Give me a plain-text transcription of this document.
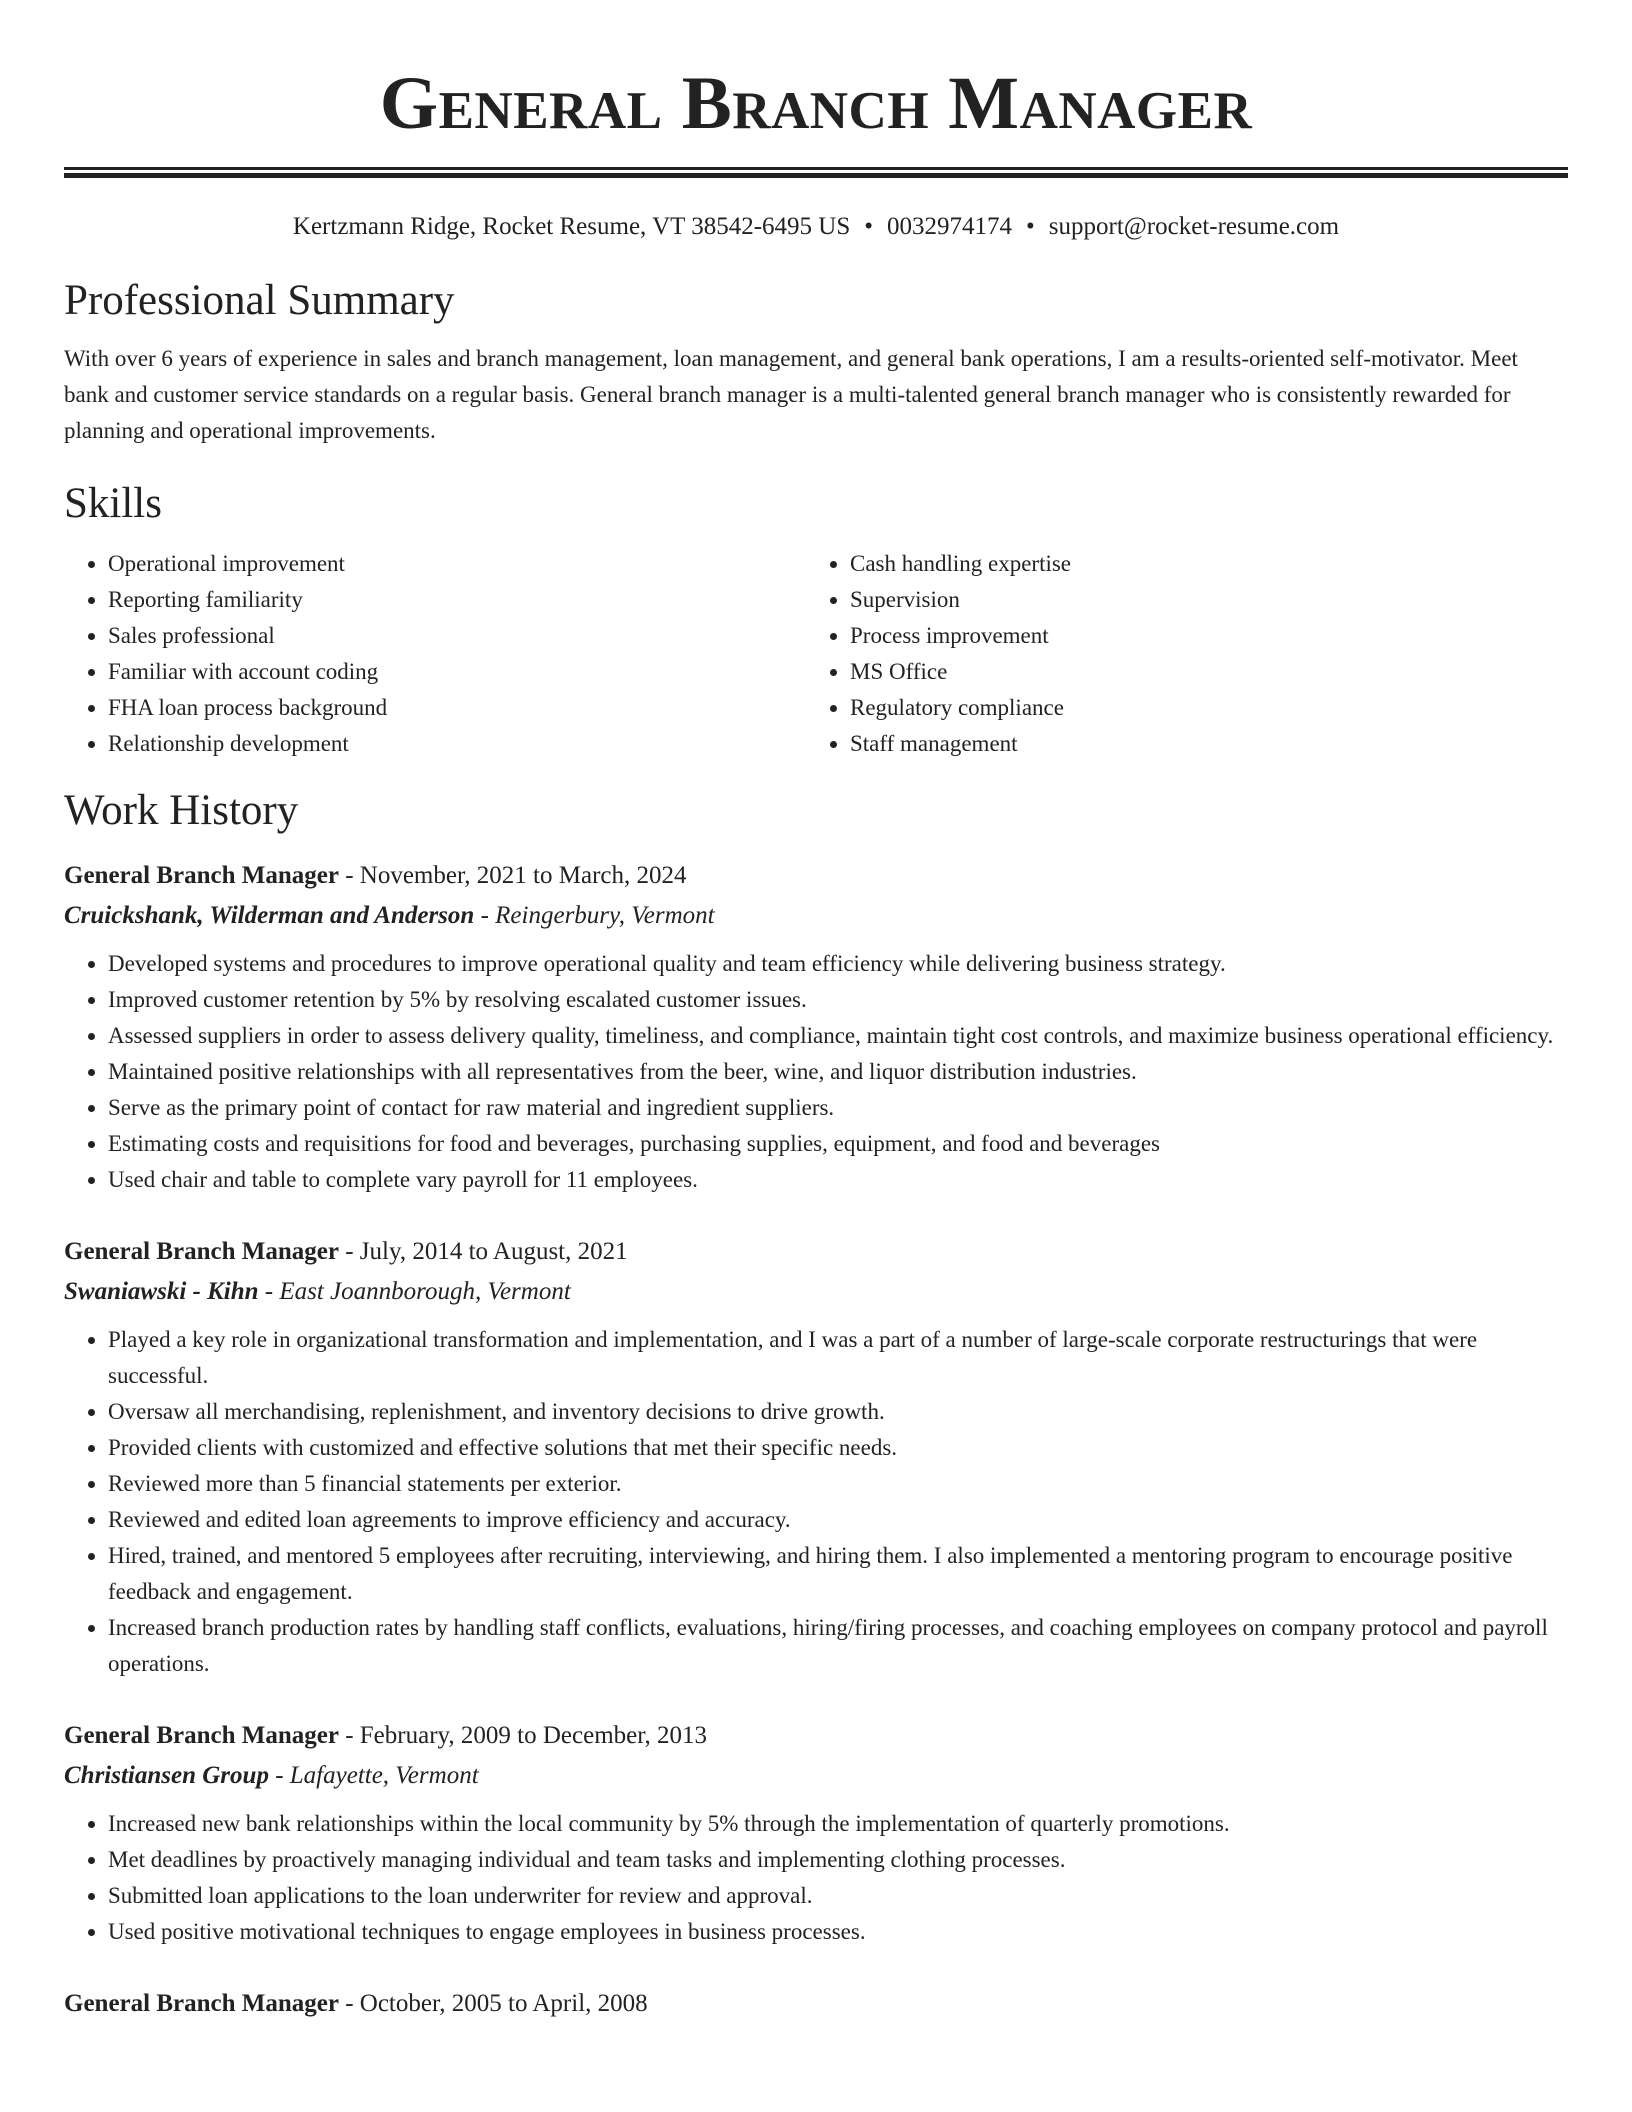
General Branch Manager
Kertzmann Ridge, Rocket Resume, VT 38542-6495 US • 0032974174 • support@rocket-resume.com
Professional Summary

With over 6 years of experience in sales and branch management, loan management, and general bank operations, I am a results-oriented self-motivator. Meet bank and customer service standards on a regular basis. General branch manager is a multi-talented general branch manager who is consistently rewarded for planning and operational improvements.

Skills
• Operational improvement
• Reporting familiarity
• Sales professional
• Familiar with account coding
• FHA loan process background
• Relationship development
• Cash handling expertise
• Supervision
• Process improvement
• MS Office
• Regulatory compliance
• Staff management
Work History
General Branch Manager - November, 2021 to March, 2024
Cruickshank, Wilderman and Anderson - Reingerbury, Vermont
• Developed systems and procedures to improve operational quality and team efficiency while delivering business strategy.
• Improved customer retention by 5% by resolving escalated customer issues.
• Assessed suppliers in order to assess delivery quality, timeliness, and compliance, maintain tight cost controls, and maximize business operational efficiency.
• Maintained positive relationships with all representatives from the beer, wine, and liquor distribution industries.
• Serve as the primary point of contact for raw material and ingredient suppliers.
• Estimating costs and requisitions for food and beverages, purchasing supplies, equipment, and food and beverages
• Used chair and table to complete vary payroll for 11 employees.
General Branch Manager - July, 2014 to August, 2021
Swaniawski - Kihn - East Joannborough, Vermont
• Played a key role in organizational transformation and implementation, and I was a part of a number of large-scale corporate restructurings that were successful.
• Oversaw all merchandising, replenishment, and inventory decisions to drive growth.
• Provided clients with customized and effective solutions that met their specific needs.
• Reviewed more than 5 financial statements per exterior.
• Reviewed and edited loan agreements to improve efficiency and accuracy.
• Hired, trained, and mentored 5 employees after recruiting, interviewing, and hiring them. I also implemented a mentoring program to encourage positive feedback and engagement.
• Increased branch production rates by handling staff conflicts, evaluations, hiring/firing processes, and coaching employees on company protocol and payroll operations.
General Branch Manager - February, 2009 to December, 2013
Christiansen Group - Lafayette, Vermont
• Increased new bank relationships within the local community by 5% through the implementation of quarterly promotions.
• Met deadlines by proactively managing individual and team tasks and implementing clothing processes.
• Submitted loan applications to the loan underwriter for review and approval.
• Used positive motivational techniques to engage employees in business processes.
General Branch Manager - October, 2005 to April, 2008
